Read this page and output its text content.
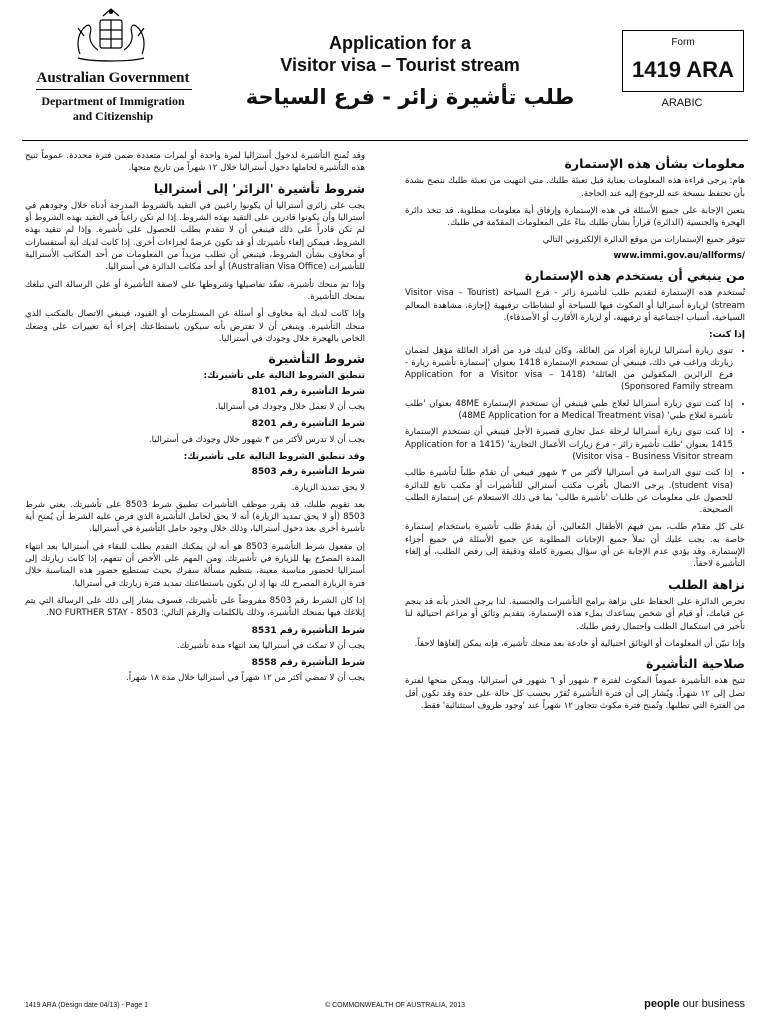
Australian Government
Department of Immigration
and Citizenship
Application for a
Visitor visa – Tourist stream
طلب تأشيرة زائر - فرع السياحة
Form
1419 ARA
ARABIC
معلومات بشأن هذه الإستمارة

هام: يرجى قراءة هذه المعلومات بعناية قبل تعبئة طلبك. متى انتهيت من تعبئة طلبك ننصح بشدة بأن تحتفظ بنسخة عنه للرجوع إليه عند الحاجة.

يتعين الإجابة على جميع الأسئلة في هذه الإستمارة وإرفاق أية معلومات مطلوبة. قد تتخذ دائرة الهجرة والجنسية (الدائرة) قراراً بشأن طلبك بناءً على المعلومات المقدّمة في طلبك.

تتوفر جميع الإستمارات من موقع الدائرة الإلكتروني التالي

www.immi.gov.au/allforms/

من ينبغي أن يستخدم هذه الإستمارة

تُستخدم هذه الإستمارة لتقديم طلب لتأشيرة زائر - فرع السياحة (Visitor visa – Tourist stream) لزيارة أستراليا أو المكوث فيها للسياحة أو لنشاطات ترفيهية (إجازة، مشاهدة المعالم السياحية، أسباب اجتماعية أو ترفيهية، أو لزيارة الأقارب أو الأصدقاء).

إذا كنت:
• تنوي زيارة أستراليا لزيارة أفراد من العائلة، وكان لديك فرد من أفراد العائلة مؤهل لضمان زيارتك وراغب في ذلك، فينبغي أن تستخدم الإستمارة 1418 بعنوان 'إستمارة تأشيرة زيارة - فرع الزائرين المكفولين من العائلة' (1418 Application for a Visitor visa – Sponsored Family stream)
• إذا كنت تنوي زيارة أستراليا لعلاج طبي فينبغي أن تستخدم الإستمارة 48ME بعنوان 'طلب تأشيرة لعلاج طبي' (48ME Application for a Medical Treatment visa)
• إذا كنت تنوي زيارة أستراليا لرحلة عمل تجاري قصيرة الأجل فينبغي أن تستخدم الإستمارة 1415 بعنوان 'طلب تأشيرة زائر - فرع زيارات الأعمال التجارية' (1415 Application for a Visitor visa – Business Visitor stream)
• إذا كنت تنوي الدراسة في أستراليا لأكثر من ٣ شهور فيبغي أن تقدّم طلباً لتأشيرة طالب (student visa). يرجى الاتصال بأقرب مكتب أسترالي للتأشيرات أو مكتب تابع للدائرة للحصول على معلومات عن طلبات 'تأشيرة طالب' بما في ذلك الاستعلام عن إستمارة الطلب الصحيحة.

على كل مقدّم طلب، بمن فيهم الأطفال المُعالين، أن يقدمّ طلب تأشيرة باستخدام إستمارة خاصة به. يجب عليك أن تملأ جميع الإجابات المطلوبة عن جميع الأسئلة في جميع أجزاء الإستمارة. وقد يؤدي عدم الإجابة عن أي سؤال بصورة كاملة ودقيقة إلى رفض الطلب، أو إلغاء التأشيرة لاحقاً.

نزاهة الطلب

تحرص الدائرة على الحفاظ على نزاهة برامج التأشيرات والجنسية. لذا يرجى الحذر بأنه قد ينجم عن قيامك، أو قيام أي شخص يساعدك بملء هذه الإستمارة، بتقديم وثائق أو مزاعم احتيالية لنا تأخير في استكمال الطلب واحتمال رفض طلبك.

وإذا تبيّن أن المعلومات أو الوثائق احتيالية أو خادعة بعد منحك تأشيرة، فإنه يمكن إلغاؤها لاحقاً.

صلاحية التأشيرة

تتيح هذه التأشيرة عموماً المكوث لفترة ٣ شهور أو ٦ شهور في أستراليا، ويمكن منحها لفترة تصل إلى ١٢ شهراً. ويُشار إلى أن فترة التأشيرة تُقرّر بحسب كل حالة على حدة وقد تكون أقل من الفترة التي تطلبها. وتُمنح فترة مكوث تتجاوز ١٢ شهراً عند 'وجود ظروف استثنائية' فقط.

وقد تُمنح التأشيرة لدخول أستراليا لمرة واحدة أو لمرات متعددة ضمن فترة محددة. عموماً تتيح هذه التأشيرة لحاملها دخول أستراليا خلال ١٢ شهراً من تاريخ منحها.

شروط تأشيرة 'الزائر' إلى أستراليا

يجب على زائري أستراليا أن يكونوا راغبين في التقيد بالشروط المدرجة أدناه خلال وجودهم في أستراليا وأن يكونوا قادرين على التقيد بهذه الشروط. إذا لم تكن راغباً في التقيد بهذه الشروط أو لم تكن قادراً على ذلك فينبغي أن لا تتقدم بطلب للحصول على تأشيرة. وإذا لم تتقيد بهذه الشروط، فيمكن إلغاء تأشيرتك أو قد تكون عرضةً لجزاءات أخرى. إذا كانت لديك أية أستفسارات أو مخاوف بشأن الشروط، فينبغي أن تطلب مزيداً من المعلومات من أحد المكاتب الأسترالية للتأشيرات (Australian Visa Office) أو أحد مكاتب الدائرة في أستراليا.

وإذا تم منحك تأشيرة، تفقّد تفاصيلها وشروطها على لاصقة التأشيرة أو على الرسالة التي تبلغك بمنحك التأشيرة.

وإذا كانت لديك أية مخاوف أو أسئلة عن المستلزمات أو القيود، فينبغي الاتصال بالمكتب الذي منحك التأشيرة. وينبغي أن لا تفترض بأنه سيكون باستطاعتك إجراء أية تغييرات على وضعك الخاص بالهجرة خلال وجودك في أستراليا.

شروط التأشيرة
تنطبق الشروط التالية على تأشيرتك:
شرط التأشيرة رقم 8101

يجب أن لا تعمل خلال وجودك في أستراليا.

شرط التأشيرة رقم 8201

يجب أن لا تدرس لأكثر من ٣ شهور خلال وجودك في أستراليا.

وقد تنطبق الشروط التالية على تأشيرتك:
شرط التأشيرة رقم 8503

لا يحق تمديد الزيارة.

بعد تقويم طلبك، قد يقرر موظف التأشيرات تطبيق شرط 8503 على تأشيرتك. يعني شرط 8503 (أو لا يحق تمديد الزيارة) أنه لا يحق لحامل التأشيرة الذي فرض عليه الشرط أن يُمنح أية تأشيرة أخرى بعد دخول أستراليا، وذلك خلال وجود حامل التأشيرة في أستراليا.

إن مفعول شرط التأشيرة 8503 هو أنه لن يمكنك التقدم بطلب للبقاء في أستراليا بعد انتهاء المدة المصرّح بها للزيارة في تأشيرتك. ومن المهم على الأخص أن تتفهم، إذا كانت زيارتك إلى أستراليا لحضور مناسبة معينة، بتنظيم مسألة سفرك بحيث تستطيع حضور هذه المناسبة خلال فترة الزيارة المصرح لك بها إذ لن يكون باستطاعتك تمديد فترة زيارتك في أستراليا.

إذا كان الشرط رقم 8503 مفروضاً على تأشيرتك، فسوف يشار إلى ذلك على الرسالة التي يتم إبلاغك فيها بمنحك التأشيرة، وذلك بالكلمات والرقم التالي: NO FURTHER STAY - 8503.

شرط التأشيرة رقم 8531

يجب أن لا تمكث في أستراليا بعد انتهاء مدة تأشيرتك.

شرط التأشيرة رقم 8558

يجب أن لا تمضي أكثر من ١٢ شهراً في أستراليا خلال مدة ١٨ شهراً.

1419 ARA (Design date 04/13) - Page 1	© COMMONWEALTH OF AUSTRALIA, 2013	people our business
